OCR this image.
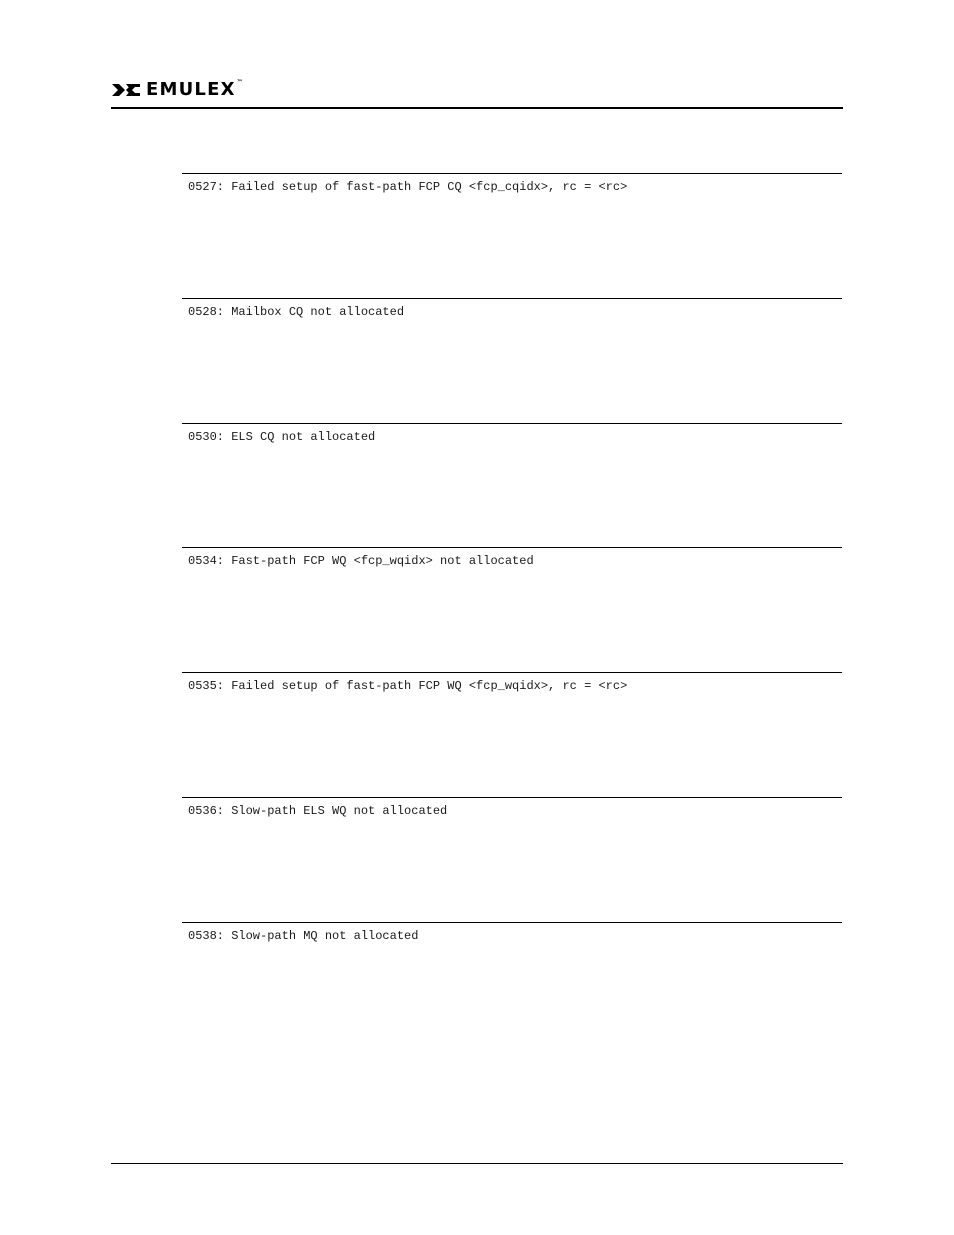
EMULEX™
0527: Failed setup of fast-path FCP CQ <fcp_cqidx>, rc = <rc>
0528: Mailbox CQ not allocated
0530: ELS CQ not allocated
0534: Fast-path FCP WQ <fcp_wqidx> not allocated
0535: Failed setup of fast-path FCP WQ <fcp_wqidx>, rc = <rc>
0536: Slow-path ELS WQ not allocated
0538: Slow-path MQ not allocated
